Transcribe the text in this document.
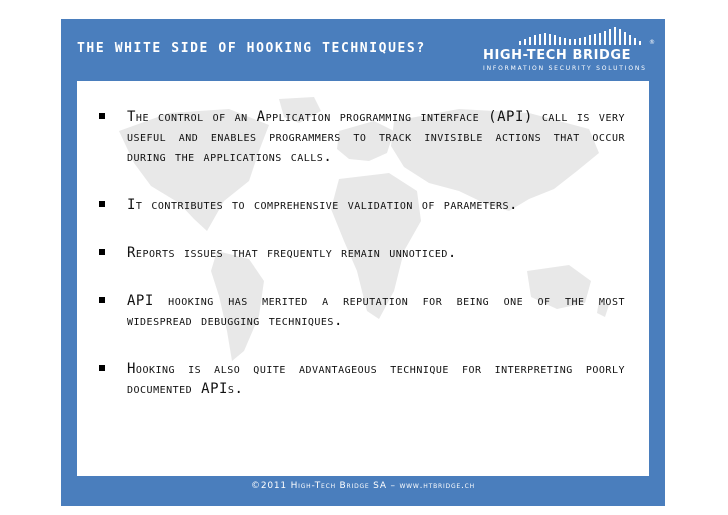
THE WHITE SIDE OF HOOKING TECHNIQUES?	HIGH-TECH BRIDGE
®
INFORMATION SECURITY SOLUTIONS
The control of an Application programming interface (API) call is very useful and enables programmers to track invisible actions that occur during the applications calls.
It contributes to comprehensive validation of parameters.
Reports issues that frequently remain unnoticed.
API hooking has merited a reputation for being one of the most widespread debugging techniques.
Hooking is also quite advantageous technique for interpreting poorly documented APIs.
©2011 High-Tech Bridge SA – www.htbridge.ch
